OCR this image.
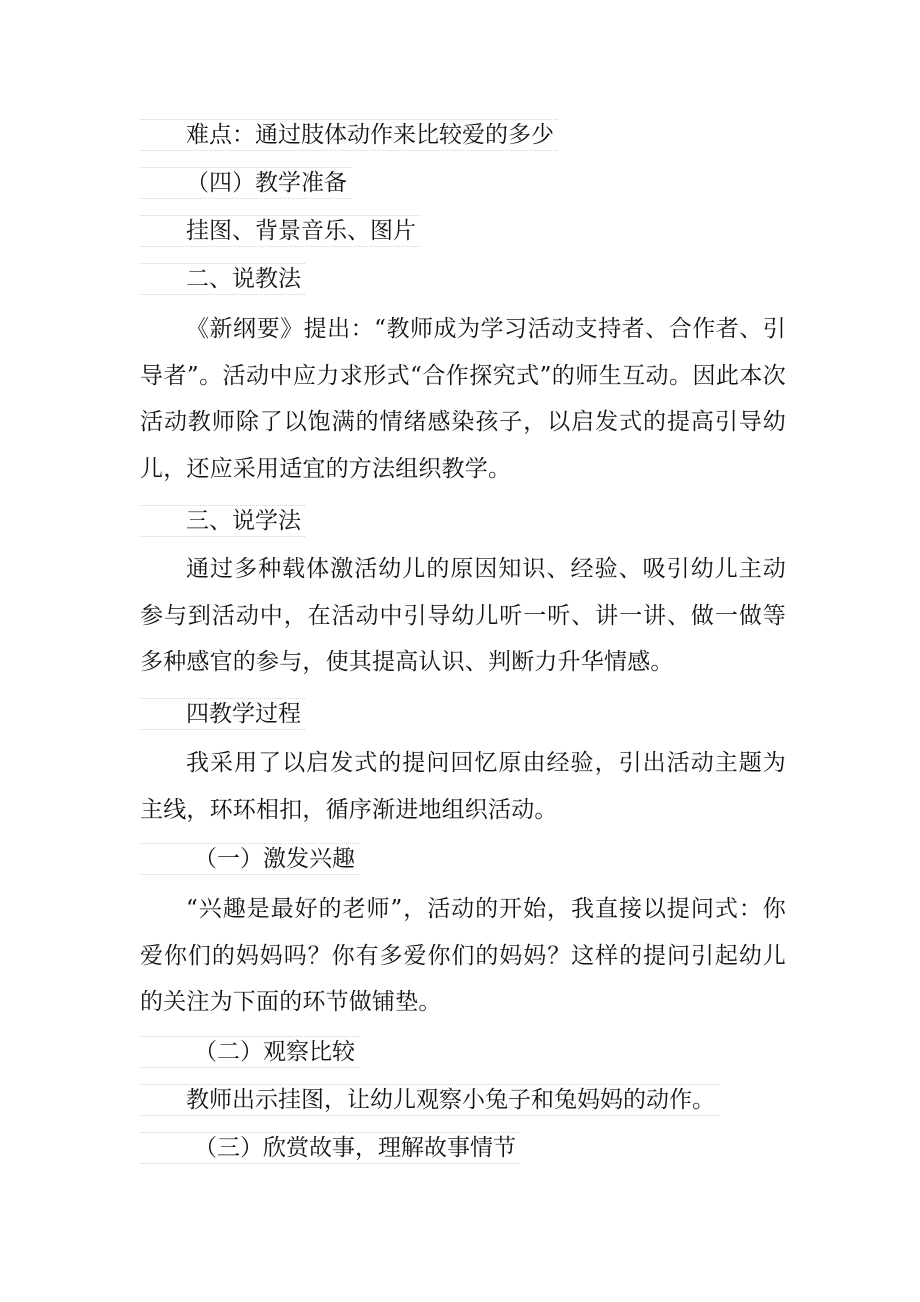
难点：通过肢体动作来比较爱的多少
（四）教学准备
挂图、背景音乐、图片
二、说教法
《新纲要》提出：“教师成为学习活动支持者、合作者、引导者”。活动中应力求形式“合作探究式”的师生互动。因此本次活动教师除了以饱满的情绪感染孩子，以启发式的提高引导幼儿，还应采用适宜的方法组织教学。
三、说学法
通过多种载体激活幼儿的原因知识、经验、吸引幼儿主动参与到活动中，在活动中引导幼儿听一听、讲一讲、做一做等多种感官的参与，使其提高认识、判断力升华情感。
四教学过程
我采用了以启发式的提问回忆原由经验，引出活动主题为主线，环环相扣，循序渐进地组织活动。
（一）激发兴趣
“兴趣是最好的老师”，活动的开始，我直接以提问式：你爱你们的妈妈吗？你有多爱你们的妈妈？这样的提问引起幼儿的关注为下面的环节做铺垫。
（二）观察比较
教师出示挂图，让幼儿观察小兔子和兔妈妈的动作。
（三）欣赏故事，理解故事情节
